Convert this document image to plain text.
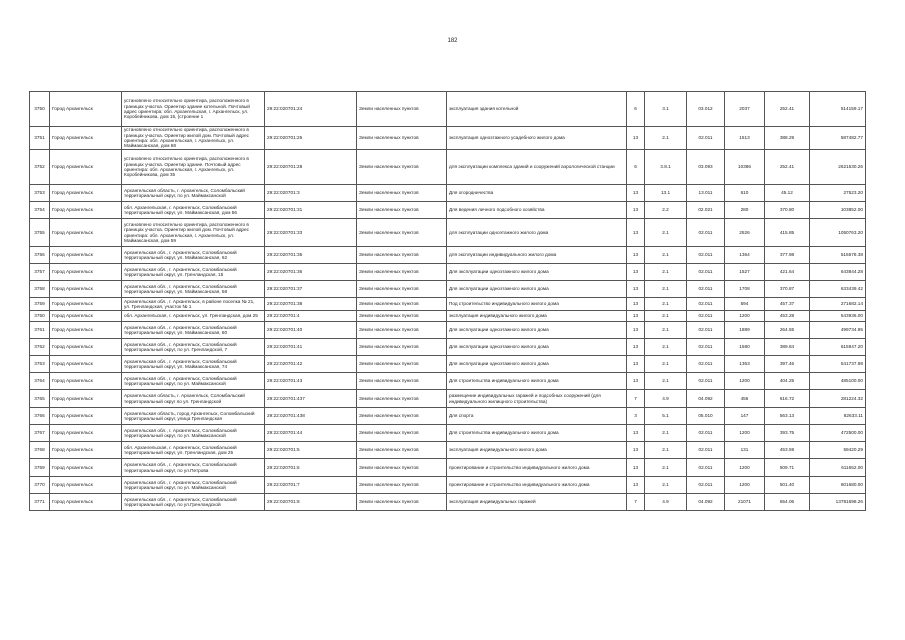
182
3750	Город Архангельск	установлено относительно ориентира, расположенного в границах участка. Ориентир здание котельной. Почтовый адрес ориентира: обл. Архангельская, г. Архангельск, ул. Коробейникова, дом 15, (строение 1	29:22:020701:24	Земли населенных пунктов	эксплуатация здания котельной	6	3.1	03.012	2037	252.41	514159.17
3751	Город Архангельск	установлено относительно ориентира, расположенного в границах участка. Ориентир жилой дом. Почтовый адрес ориентира: обл. Архангельская, г. Архангельск, ул. Маймаксанская, дом 68	29:22:020701:26	Земли населенных пунктов	эксплуатация одноэтажного усадебного жилого дома	13	2.1	02.011	1513	388.29	587482.77
3752	Город Архангельск	установлено относительно ориентира, расположенного в границах участка. Ориентир здание. Почтовый адрес ориентира: обл. Архангельская, г. Архангельск, ул. Коробейникова, дом 35	29:22:020701:28	Земли населенных пунктов	для эксплуатации комплекса зданий и сооружений аэрологической станции	6	3.8.1	03.093	10386	252.41	2621530.26
3753	Город Архангельск	Архангельская область, г. Архангельск, Соломбальский территориальный округ, по ул. Маймаксанской	29:22:020701:3	Земли населенных пунктов	Для огородничества	13	13.1	13.011	610	45.12	27523.20
3754	Город Архангельск	обл. Архангельская, г. Архангельск, Соломбальский территориальный округ, ул. Маймаксанская, дом 56	29:22:020701:31	Земли населенных пунктов	Для ведения личного подсобного хозяйства	13	2.2	02.021	280	370.80	103852.00
3755	Город Архангельск	установлено относительно ориентира, расположенного в границах участка. Ориентир жилой дом. Почтовый адрес ориентира: обл. Архангельская, г. Архангельск, ул. Маймаксанская, дом 59	29:22:020701:33	Земли населенных пунктов	для эксплуатации одноэтажного жилого дома	13	2.1	02.011	2526	415.85	1050763.20
3756	Город Архангельск	Архангельская обл., г. Архангельск, Соломбальский территориальный округ, ул. Маймаксанская, 62	29:22:020701:35	Земли населенных пунктов	для эксплуатации индивидуального жилого дома	13	2.1	02.011	1364	377.98	515578.38
3757	Город Архангельск	Архангельская обл., г. Архангельск, Соломбальский территориальный округ, ул. Гренландская, 15	29:22:020701:36	Земли населенных пунктов	Для эксплуатации одноэтажного жилого дома	13	2.1	02.011	1527	421.64	643844.28
3758	Город Архангельск	Архангельская обл., г. Архангельск, Соломбальский территориальный округ, ул. Маймаксанская, 58	29:22:020701:37	Земли населенных пунктов	Для эксплуатации одноэтажного жилого дома	13	2.1	02.011	1708	370.87	633439.42
3759	Город Архангельск	Архангельская обл., г. Архангельск, в районе поселка № 21, ул. Гренландская, участок № 1	29:22:020701:38	Земли населенных пунктов	Под строительство индивидуального жилого дома	13	2.1	02.011	594	457.37	271682.14
3760	Город Архангельск	обл. Архангельская, г. Архангельск, ул. Гренландская, дом 25	29:22:020701:4	Земли населенных пунктов	эксплуатация индивидуального жилого дома	13	2.1	02.011	1200	453.28	543936.00
3761	Город Архангельск	Архангельская обл., г. Архангельск, Соломбальский территориальный округ, ул. Маймаксанская, 60	29:22:020701:40	Земли населенных пунктов	Для эксплуатации одноэтажного жилого дома	13	2.1	02.011	1889	264.55	499734.95
3762	Город Архангельск	Архангельская обл., г. Архангельск, Соломбальский территориальный округ, по ул. Гренландской, 7	29:22:020701:41	Земли населенных пунктов	Для эксплуатации одноэтажного жилого дома	13	2.1	02.011	1580	389.84	615947.20
3763	Город Архангельск	Архангельская обл., г. Архангельск, Соломбальский территориальный округ, ул. Маймаксанская, 74	29:22:020701:42	Земли населенных пунктов	Для эксплуатации одноэтажного жилого дома	13	2.1	02.011	1363	397.46	541737.98
3764	Город Архангельск	Архангельская обл., г. Архангельск, Соломбальский территориальный округ, по ул. Маймаксанской	29:22:020701:43	Земли населенных пунктов	Для строительства индивидуального жилого дома	13	2.1	02.011	1200	404.25	485100.00
3765	Город Архангельск	Архангельская область, г. Архангельск, Соломбальский территориальный округ по ул. Гренландской	29:22:020701:437	Земли населенных пунктов	размещение индивидуальных гаражей и подсобных сооружений (для индивидуального жилищного строительства)	7	4.9	04.092	456	616.72	281224.32
3766	Город Архангельск	Архангельская область, город Архангельск, Соломбальский территориальный округ, улица Гренландская	29:22:020701:438	Земли населенных пунктов	Для спорта	3	5.1	05.010	147	563.13	82633.11
3767	Город Архангельск	Архангельская обл., г. Архангельск, Соломбальский территориальный округ, по ул. Маймаксанской	29:22:020701:44	Земли населенных пунктов	Для строительства индивидуального жилого дома	13	2.1	02.011	1200	393.75	472500.00
3768	Город Архангельск	обл. Архангельская, г. Архангельск, Соломбальский территориальный округ, ул. Гренландская, дом 25	29:22:020701:5	Земли населенных пунктов	эксплуатация индивидуального жилого дома	13	2.1	02.011	131	453.59	59420.29
3769	Город Архангельск	Архангельская обл., г. Архангельск, Соломбальский территориальный округ, по ул.Петрова	29:22:020701:6	Земли населенных пунктов	проектирование и строительство индивидуального жилого дома	13	2.1	02.011	1200	509.71	611652.00
3770	Город Архангельск	Архангельская обл., г. Архангельск, Соломбальский территориальный округ, по ул. Маймаксанской	29:22:020701:7	Земли населенных пунктов	проектирование и строительство индивидуального жилого дома	13	2.1	02.011	1200	501.40	601680.00
3771	Город Архангельск	Архангельская обл., г. Архангельск, Соломбальский территориальный округ, по ул.Гренландской	29:22:020701:8	Земли населенных пунктов	эксплуатация индивидуальных гаражей	7	4.9	04.092	21071	654.06	13781698.26
